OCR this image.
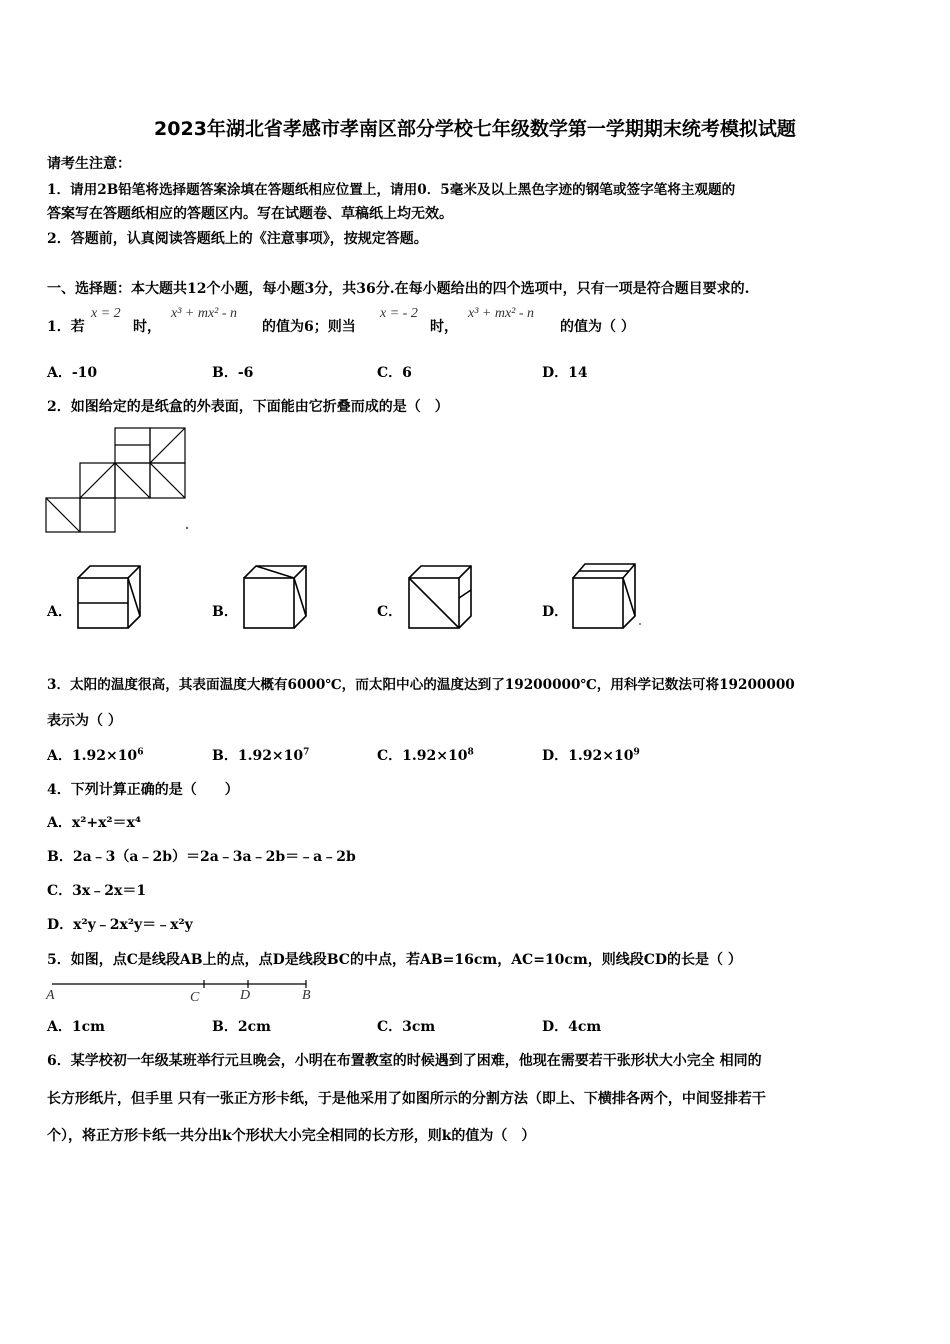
2023年湖北省孝感市孝南区部分学校七年级数学第一学期期末统考模拟试题
请考生注意：
1．请用2B铅笔将选择题答案涂填在答题纸相应位置上，请用0．5毫米及以上黑色字迹的钢笔或签字笔将主观题的
答案写在答题纸相应的答题区内。写在试题卷、草稿纸上均无效。
2．答题前，认真阅读答题纸上的《注意事项》，按规定答题。
一、选择题：本大题共12个小题，每小题3分，共36分.在每小题给出的四个选项中，只有一项是符合题目要求的.
1．若
x = 2
时，
x³ + mx² - n
的值为6；则当
x = - 2
时，
x³ + mx² - n
的值为（ ）
A．-10	B．-6	C．6	D．14
2．如图给定的是纸盒的外表面，下面能由它折叠而成的是（　）
A．	B．	C．	D．
3．太阳的温度很高，其表面温度大概有6000℃，而太阳中心的温度达到了19200000℃，用科学记数法可将19200000
表示为（ ）
A．$1.92\times 10^6$	B．$1.92\times 10^7$	C．$1.92\times 10^8$	D．$1.92\times 10^9$
4．下列计算正确的是（　　）
A．x²+x²＝x⁴
B．2a﹣3（a﹣2b）＝2a﹣3a﹣2b＝﹣a﹣2b
C．3x﹣2x＝1
D．x²y﹣2x²y＝﹣x²y
5．如图，点C是线段AB上的点，点D是线段BC的中点，若AB=16cm，AC=10cm，则线段CD的长是（ ）
A	C	D	B
A．1cm	B．2cm	C．3cm	D．4cm
6．某学校初一年级某班举行元旦晚会，小明在布置教室的时候遇到了困难，他现在需要若干张形状大小完全 相同的
长方形纸片，但手里 只有一张正方形卡纸，于是他采用了如图所示的分割方法（即上、下横排各两个，中间竖排若干
个），将正方形卡纸一共分出k个形状大小完全相同的长方形，则k的值为（　）
